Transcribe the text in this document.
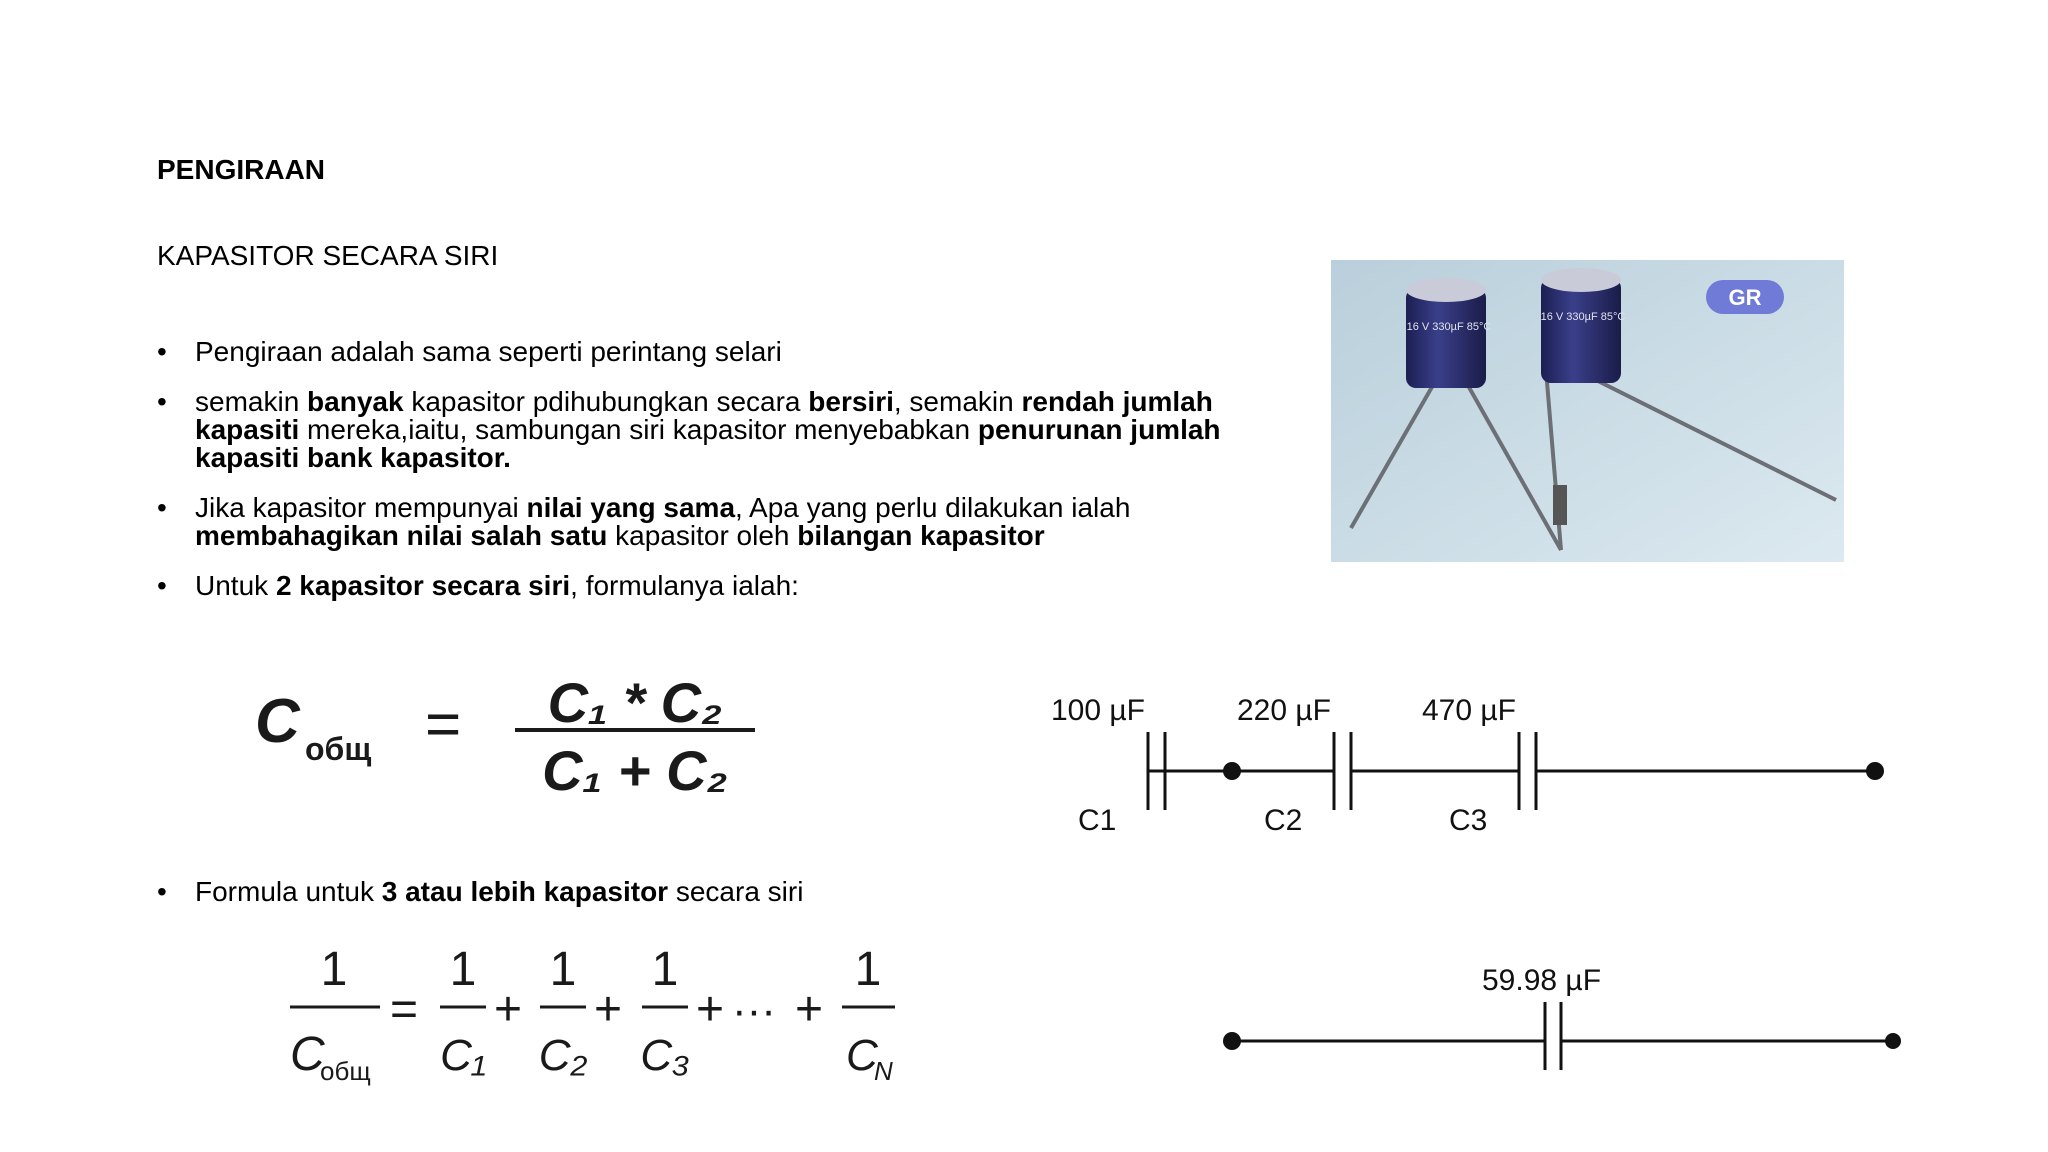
PENGIRAAN
KAPASITOR SECARA SIRI
• Pengiraan adalah sama seperti perintang selari
• semakin banyak kapasitor pdihubungkan secara bersiri, semakin rendah jumlah kapasiti mereka,iaitu, sambungan siri kapasitor menyebabkan penurunan jumlah kapasiti bank kapasitor.
• Jika kapasitor mempunyai nilai yang sama, Apa yang perlu dilakukan ialah membahagikan nilai salah satu kapasitor oleh bilangan kapasitor
• Untuk 2 kapasitor secara siri, formulanya ialah:
• Formula untuk 3 atau lebih kapasitor secara siri
C общ = C₁ * C₂
C₁ + C₂
1
C
общ
=
1
C₁
+
1
C₂
+
1
C₃
+ ··· +
1
C
N
16 V 330µF 85°C
16 V 330µF 85°C
GR
100 µF
C1
220 µF
C2
470 µF
C3
59.98 µF
